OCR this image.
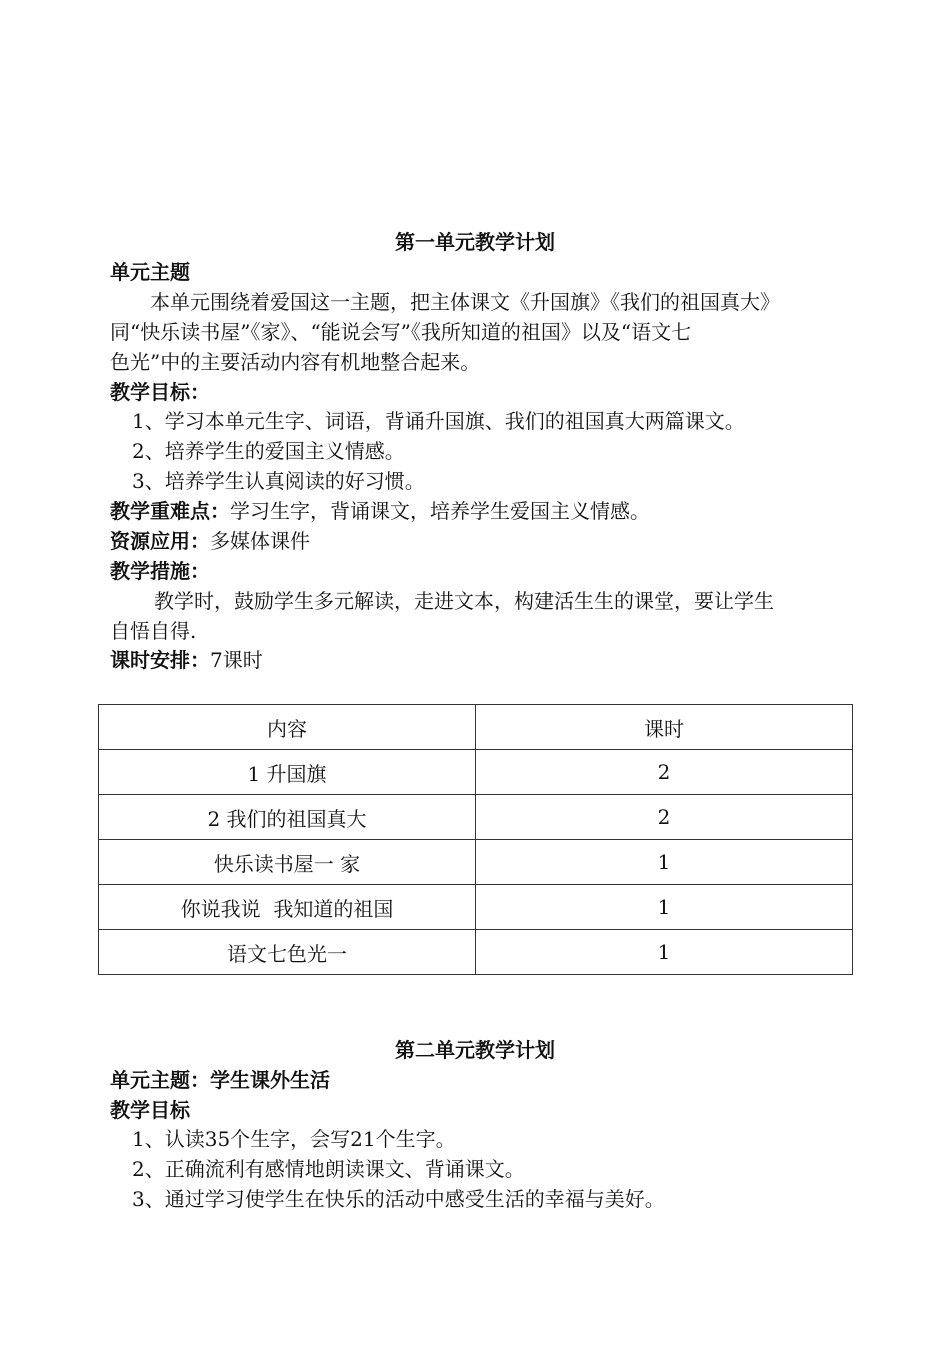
第一单元教学计划
单元主题
本单元围绕着爱国这一主题，把主体课文《升国旗》《我们的祖国真大》
同“快乐读书屋”《家》、“能说会写”《我所知道的祖国》以及“语文七
色光”中的主要活动内容有机地整合起来。
教学目标：
1、学习本单元生字、词语，背诵升国旗、我们的祖国真大两篇课文。
2、培养学生的爱国主义情感。
3、培养学生认真阅读的好习惯。
教学重难点：学习生字，背诵课文，培养学生爱国主义情感。
资源应用：多媒体课件
教学措施：
教学时，鼓励学生多元解读，走进文本，构建活生生的课堂，要让学生
自悟自得.
课时安排：7课时
内容	课时
1 升国旗	2
2 我们的祖国真大	2
快乐读书屋一 家	1
你说我说  我知道的祖国	1
语文七色光一	1
第二单元教学计划
单元主题：学生课外生活
教学目标
1、认读35个生字，会写21个生字。
2、正确流利有感情地朗读课文、背诵课文。
3、通过学习使学生在快乐的活动中感受生活的幸福与美好。
